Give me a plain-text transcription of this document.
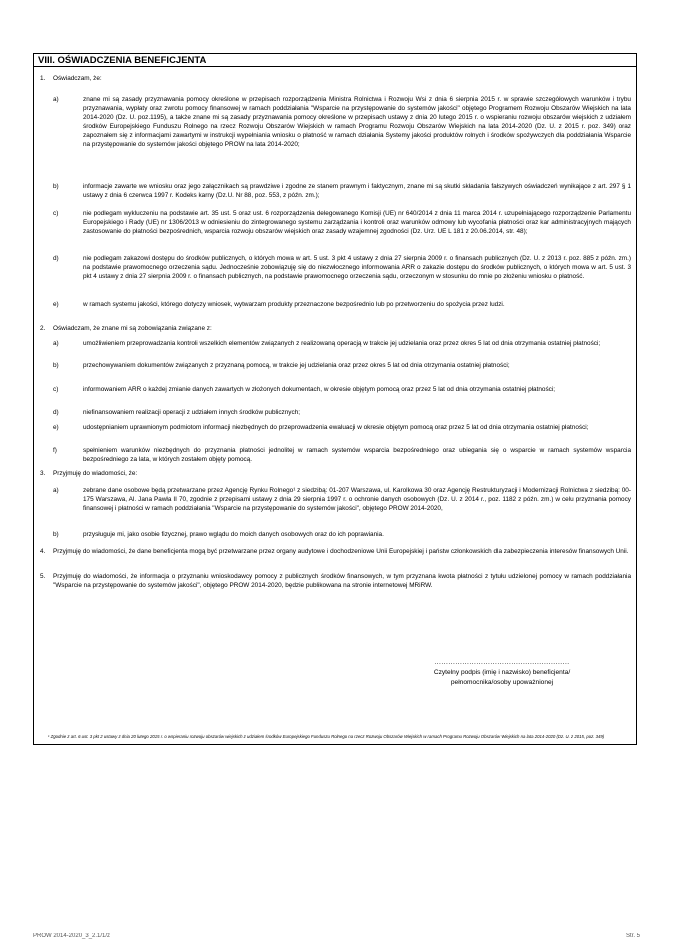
VIII. OŚWIADCZENIA BENEFICJENTA
1. Oświadczam, że:
a)	znane mi są zasady przyznawania pomocy określone w przepisach rozporządzenia Ministra Rolnictwa i Rozwoju Wsi z dnia 6 sierpnia 2015 r. w sprawie szczegółowych warunków i trybu przyznawania, wypłaty oraz zwrotu pomocy finansowej w ramach poddziałania "Wsparcie na przystępowanie do systemów jakości" objętego Programem Rozwoju Obszarów Wiejskich na lata 2014-2020 (Dz. U. poz.1195), a także znane mi są zasady przyznawania pomocy określone w przepisach ustawy z dnia 20 lutego 2015 r. o wspieraniu rozwoju obszarów wiejskich z udziałem środków Europejskiego Funduszu Rolnego na rzecz Rozwoju Obszarów Wiejskich w ramach Programu Rozwoju Obszarów Wiejskich na lata 2014-2020 (Dz. U. z 2015 r. poz. 349) oraz zapoznałem się z informacjami zawartymi w instrukcji wypełniania wniosku o płatność w ramach działania Systemy jakości produktów rolnych i środków spożywczych dla poddziałania Wsparcie na przystępowanie do systemów jakości objętego PROW na lata 2014-2020;
b)	informacje zawarte we wniosku oraz jego załącznikach są prawdziwe i zgodne ze stanem prawnym i faktycznym, znane mi są skutki składania fałszywych oświadczeń wynikające z art. 297 § 1 ustawy z dnia 6 czerwca 1997 r. Kodeks karny (Dz.U. Nr 88, poz. 553, z późn. zm.);
c)	nie podlegam wykluczeniu na podstawie art. 35 ust. 5 oraz ust. 6 rozporządzenia delegowanego Komisji (UE) nr 640/2014 z dnia 11 marca 2014 r. uzupełniającego rozporządzenie Parlamentu Europejskiego i Rady (UE) nr 1306/2013 w odniesieniu do zintegrowanego systemu zarządzania i kontroli oraz warunków odmowy lub wycofania płatności oraz kar administracyjnych mających zastosowanie do płatności bezpośrednich, wsparcia rozwoju obszarów wiejskich oraz zasady wzajemnej zgodności (Dz. Urz. UE L 181 z 20.06.2014, str. 48);
d)	nie podlegam zakazowi dostępu do środków publicznych, o których mowa w art. 5 ust. 3 pkt 4 ustawy z dnia 27 sierpnia 2009 r. o finansach publicznych (Dz. U. z 2013 r. poz. 885 z późn. zm.) na podstawie prawomocnego orzeczenia sądu. Jednocześnie zobowiązuję się do niezwłocznego informowania ARR o zakazie dostępu do środków publicznych, o których mowa w art. 5 ust. 3 pkt 4 ustawy z dnia 27 sierpnia 2009 r. o finansach publicznych, na podstawie prawomocnego orzeczenia sądu, orzeczonym w stosunku do mnie po złożeniu wniosku o płatność.
e)	w ramach systemu jakości, którego dotyczy wniosek, wytwarzam produkty przeznaczone bezpośrednio lub po przetworzeniu do spożycia przez ludzi.
2. Oświadczam, że znane mi są zobowiązania związane z:
a)	umożliwieniem przeprowadzania kontroli wszelkich elementów związanych z realizowaną operacją w trakcie jej udzielania oraz przez okres 5 lat od dnia otrzymania ostatniej płatności;
b)	przechowywaniem dokumentów związanych z przyznaną pomocą, w trakcie jej udzielania oraz przez okres 5 lat od dnia otrzymania ostatniej płatności;
c)	informowaniem ARR o każdej zmianie danych zawartych w złożonych dokumentach, w okresie objętym pomocą oraz przez 5 lat od dnia otrzymania ostatniej płatności;
d)	niefinansowaniem realizacji operacji z udziałem innych środków publicznych;
e)	udostępnianiem uprawnionym podmiotom informacji niezbędnych do przeprowadzenia ewaluacji w okresie objętym pomocą oraz przez 5 lat od dnia otrzymania ostatniej płatności;
f)	spełnieniem warunków niezbędnych do przyznania płatności jednolitej w ramach systemów wsparcia bezpośredniego oraz ubiegania się o wsparcie w ramach systemów wsparcia bezpośredniego za lata, w których zostałem objęty pomocą.
3. Przyjmuję do wiadomości, że:
a)	zebrane dane osobowe będą przetwarzane przez Agencję Rynku Rolnego¹ z siedzibą: 01-207 Warszawa, ul. Karolkowa 30 oraz Agencję Restrukturyzacji i Modernizacji Rolnictwa z siedzibą: 00-175 Warszawa, Al. Jana Pawła II 70, zgodnie z przepisami ustawy z dnia 29 sierpnia 1997 r. o ochronie danych osobowych (Dz. U. z 2014 r., poz. 1182 z późn. zm.) w celu przyznania pomocy finansowej i płatności w ramach poddziałania "Wsparcie na przystępowanie do systemów jakości", objętego PROW 2014-2020,
b)	przysługuje mi, jako osobie fizycznej, prawo wglądu do moich danych osobowych oraz do ich poprawiania.
4. Przyjmuję do wiadomości, że dane beneficjenta mogą być przetwarzane przez organy audytowe i dochodzeniowe Unii Europejskiej i państw członkowskich dla zabezpieczenia interesów finansowych Unii.
5. Przyjmuję do wiadomości, że informacja o przyznaniu wnioskodawcy pomocy z publicznych środków finansowych, w tym przyznana kwota płatności z tytułu udzielonej pomocy w ramach poddziałania "Wsparcie na przystępowanie do systemów jakości", objętego PROW 2014-2020, będzie publikowana na stronie internetowej MRiRW.
..........................................................
Czytelny podpis (imię i nazwisko) beneficjenta/
pełnomocnika/osoby upoważnionej
¹ Zgodnie z art. 6 ust. 3 pkt 2 ustawy z dnia 20 lutego 2015 r. o wspieraniu rozwoju obszarów wiejskich z udziałem środków Europejskiego Funduszu Rolnego na rzecz Rozwoju Obszarów Wiejskich w ramach Programu Rozwoju Obszarów Wiejskich na lata 2014-2020 (Dz. U. z 2015, poz. 349)
PROW 2014-2020_3_2.1/1/z	Str. 5
